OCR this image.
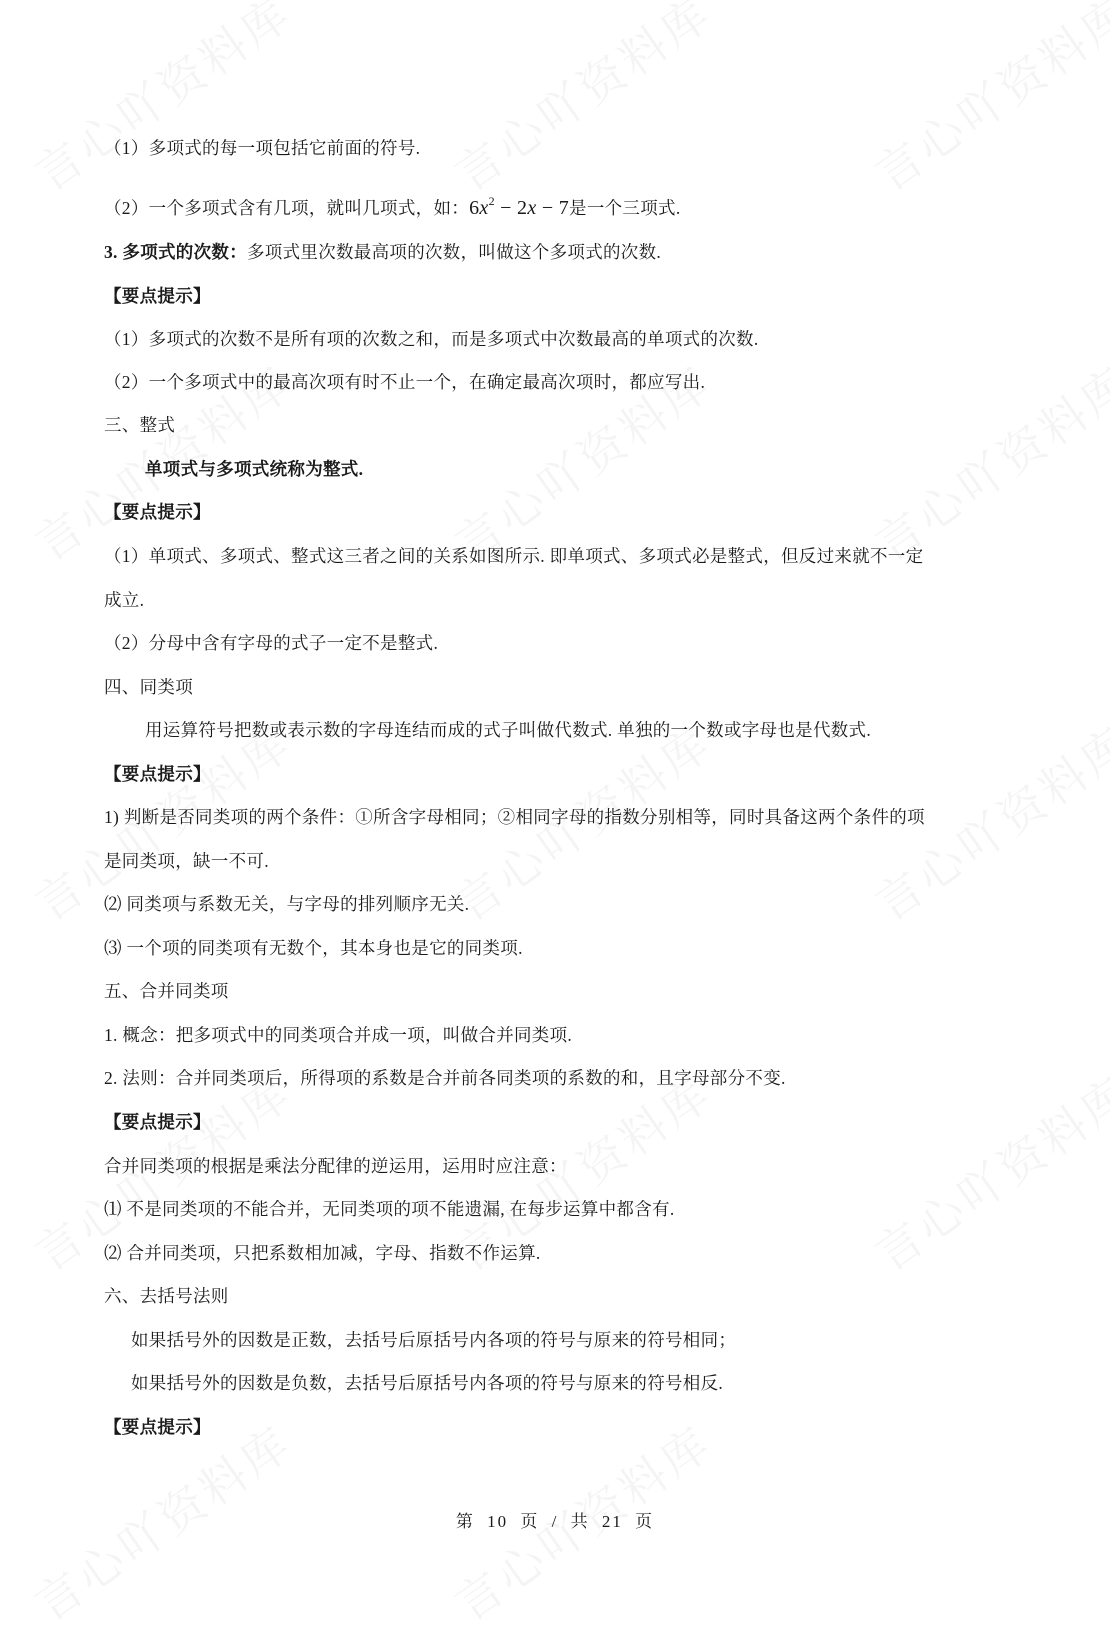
（1）多项式的每一项包括它前面的符号.
（2）一个多项式含有几项，就叫几项式，如：$6x^2 - 2x - 7$是一个三项式.
3. 多项式的次数：多项式里次数最高项的次数，叫做这个多项式的次数.
【要点提示】
（1）多项式的次数不是所有项的次数之和，而是多项式中次数最高的单项式的次数.
（2）一个多项式中的最高次项有时不止一个，在确定最高次项时，都应写出.
三、整式
单项式与多项式统称为整式.
【要点提示】
（1）单项式、多项式、整式这三者之间的关系如图所示. 即单项式、多项式必是整式，但反过来就不一定
成立.
（2）分母中含有字母的式子一定不是整式.
四、同类项
用运算符号把数或表示数的字母连结而成的式子叫做代数式. 单独的一个数或字母也是代数式.
【要点提示】
1) 判断是否同类项的两个条件：①所含字母相同；②相同字母的指数分别相等，同时具备这两个条件的项
是同类项，缺一不可.
⑵ 同类项与系数无关，与字母的排列顺序无关.
⑶ 一个项的同类项有无数个，其本身也是它的同类项.
五、合并同类项
1. 概念：把多项式中的同类项合并成一项，叫做合并同类项.
2. 法则：合并同类项后，所得项的系数是合并前各同类项的系数的和，且字母部分不变.
【要点提示】
合并同类项的根据是乘法分配律的逆运用，运用时应注意：
⑴ 不是同类项的不能合并，无同类项的项不能遗漏, 在每步运算中都含有.
⑵ 合并同类项，只把系数相加减，字母、指数不作运算.
六、去括号法则
如果括号外的因数是正数，去括号后原括号内各项的符号与原来的符号相同；
如果括号外的因数是负数，去括号后原括号内各项的符号与原来的符号相反.
【要点提示】
第 10 页 / 共 21 页
